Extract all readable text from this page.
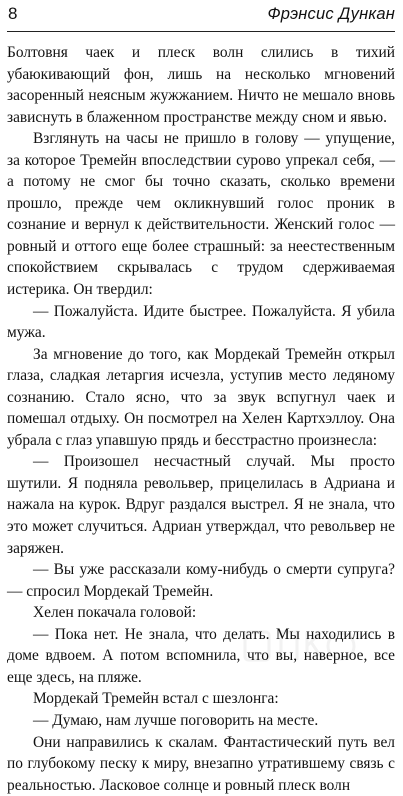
8	Фрэнсис Дункан

Болтовня чаек и плеск волн слились в тихий убаюкивающий фон, лишь на несколько мгновений засоренный неясным жужжанием. Ничто не мешало вновь зависнуть в блаженном пространстве между сном и явью.

Взглянуть на часы не пришло в голову — упущение, за которое Тремейн впоследствии сурово упрекал себя, — а потому не смог бы точно сказать, сколько времени прошло, прежде чем окликнувший голос проник в сознание и вернул к действительности. Женский голос — ровный и оттого еще более страшный: за неестественным спокойствием скрывалась с трудом сдерживаемая истерика. Он твердил:

— Пожалуйста. Идите быстрее. Пожалуйста. Я убила мужа.

За мгновение до того, как Мордекай Тремейн открыл глаза, сладкая летаргия исчезла, уступив место ледяному сознанию. Стало ясно, что за звук вспугнул чаек и помешал отдыху. Он посмотрел на Хелен Картхэллоу. Она убрала с глаз упавшую прядь и бесстрастно произнесла:

— Произошел несчастный случай. Мы просто шутили. Я подняла револьвер, прицелилась в Адриана и нажала на курок. Вдруг раздался выстрел. Я не знала, что это может случиться. Адриан утверждал, что револьвер не заряжен.

— Вы уже рассказали кому-нибудь о смерти супруга? — спросил Мордекай Тремейн.

Хелен покачала головой:

— Пока нет. Не знала, что делать. Мы находились в доме вдвоем. А потом вспомнила, что вы, наверное, все еще здесь, на пляже.

Мордекай Тремейн встал с шезлонга:

— Думаю, нам лучше поговорить на месте.

Они направились к скалам. Фантастический путь вел по глубокому песку к миру, внезапно утратившему связь с реальностью. Ласковое солнце и ровный плеск волн
